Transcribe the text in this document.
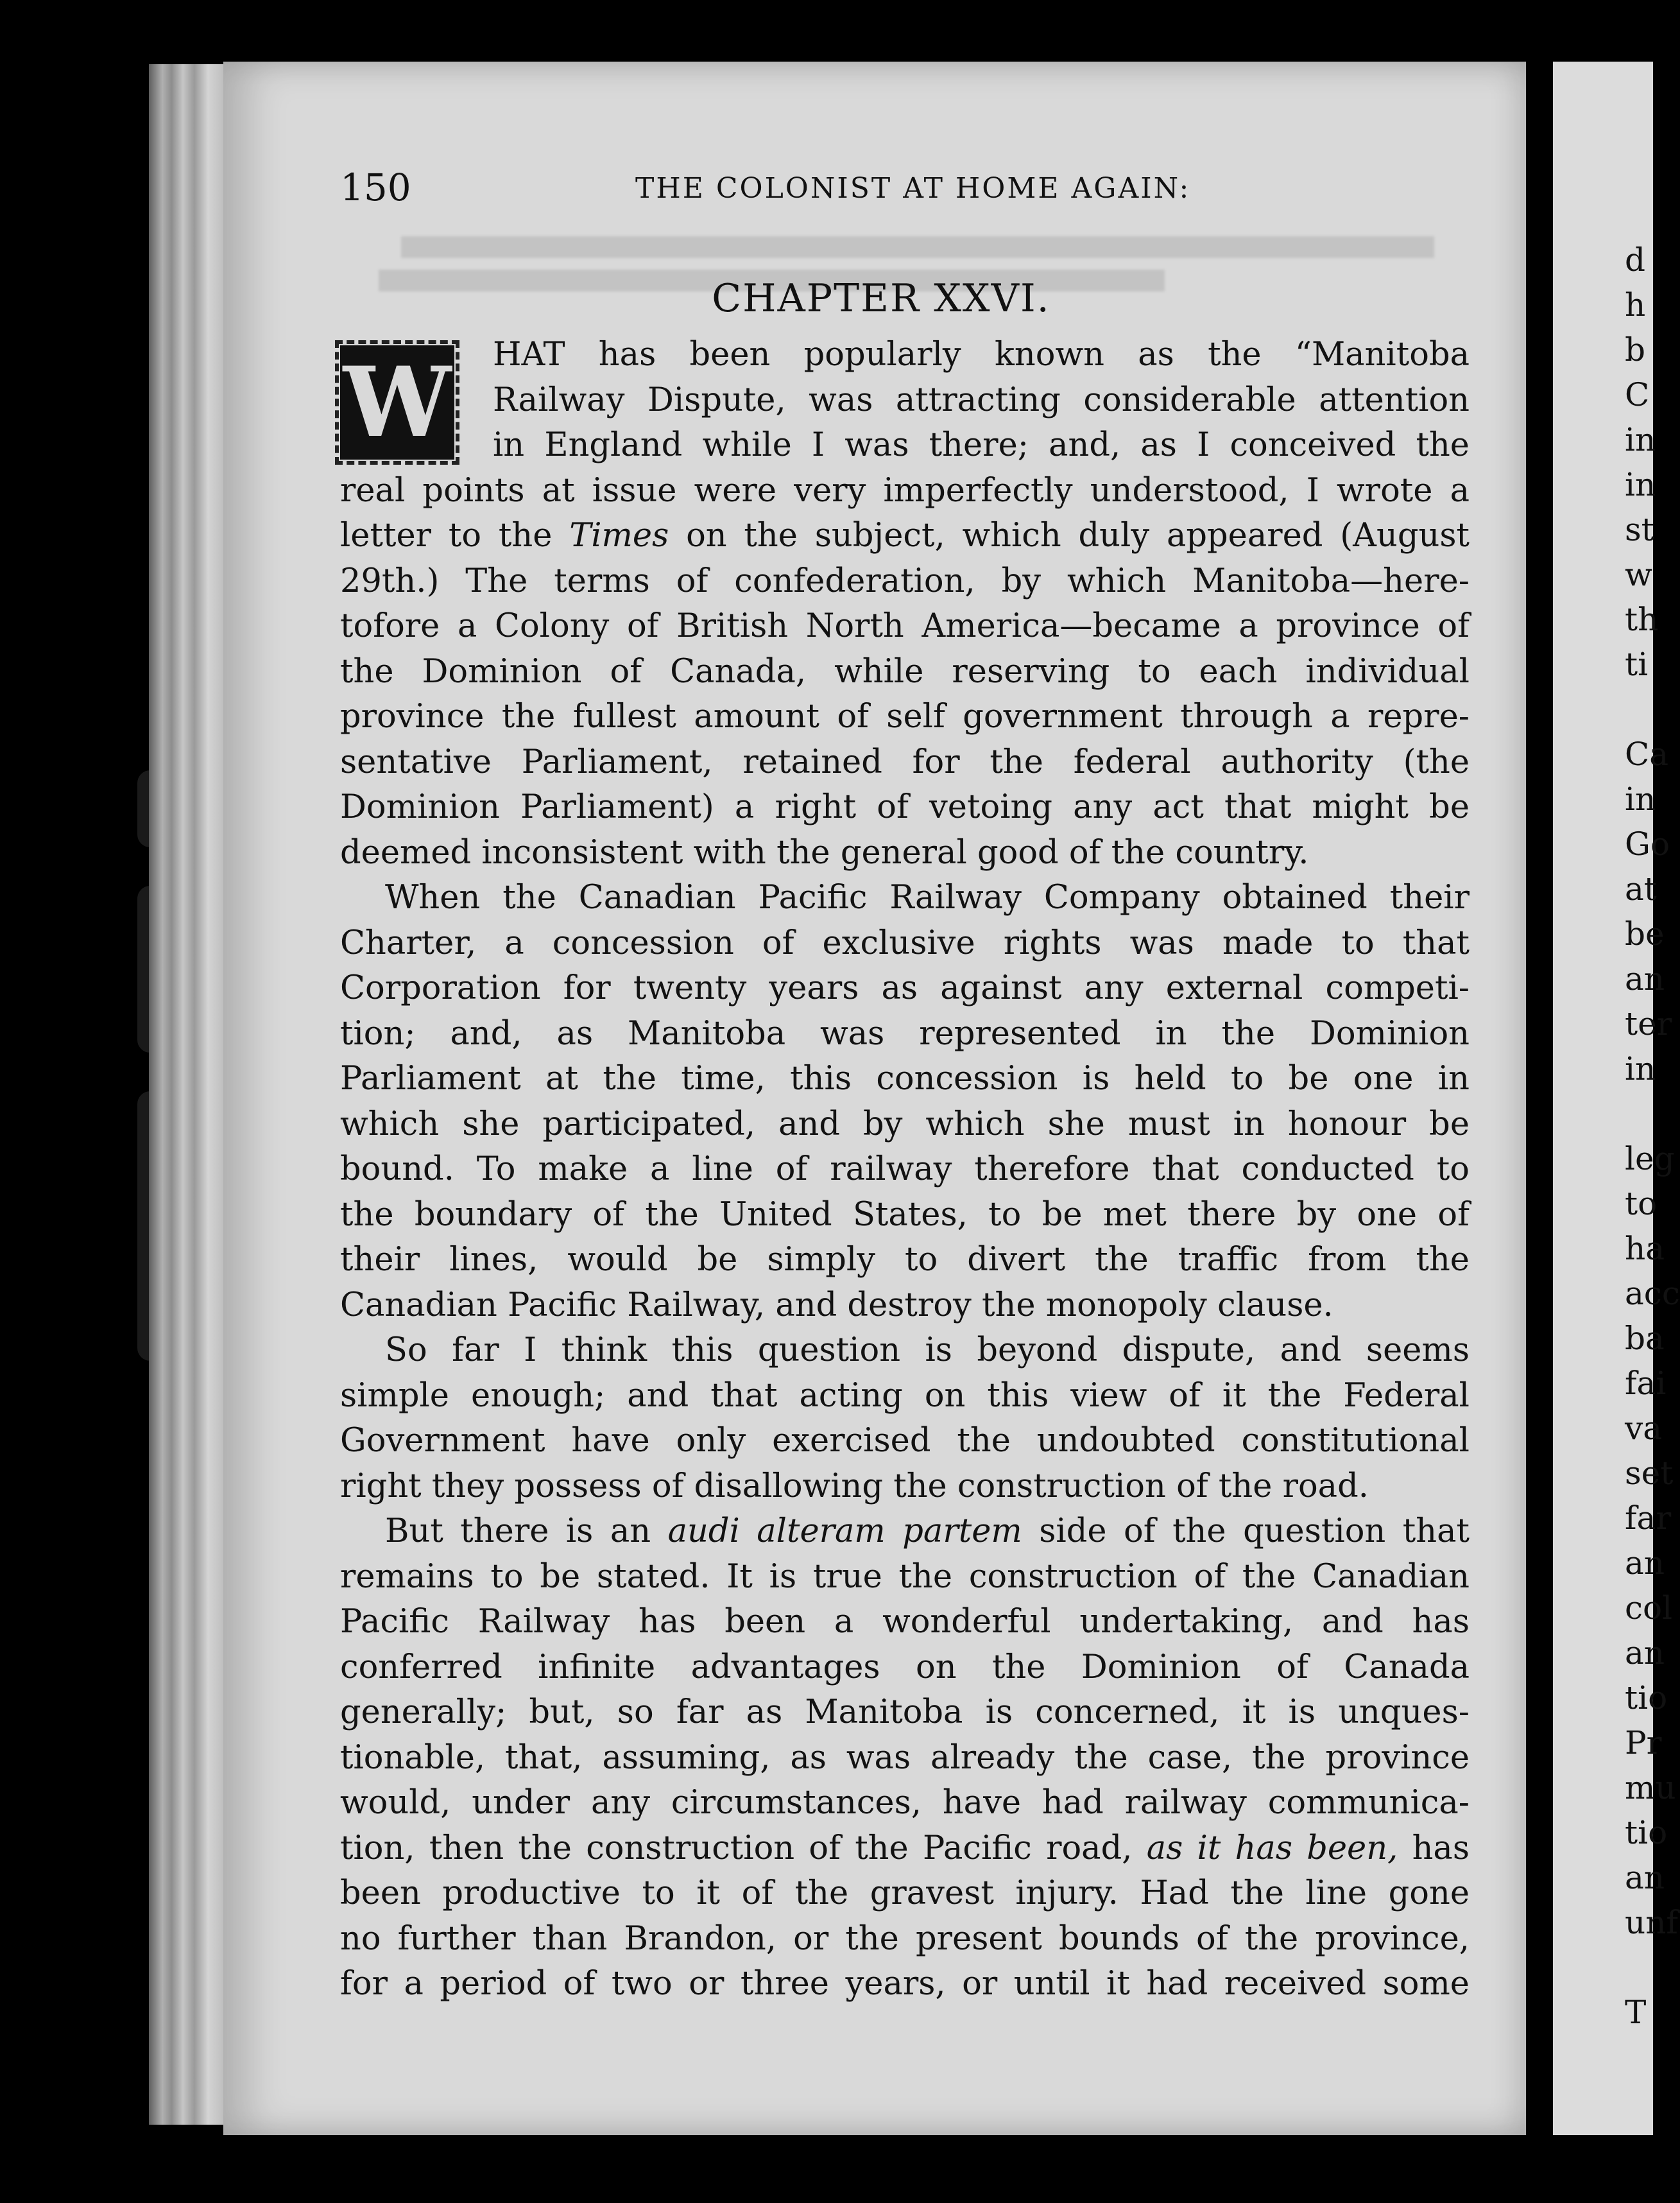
150	THE COLONIST AT HOME AGAIN:
CHAPTER XXVI.
W	HAT has been popularly known as the “Manitoba
Railway Dispute, was attracting considerable attention
in England while I was there; and, as I conceived the
real points at issue were very imperfectly understood, I wrote a
letter to the Times on the subject, which duly appeared (August
29th.) The terms of confederation, by which Manitoba—here-
tofore a Colony of British North America—became a province of
the Dominion of Canada, while reserving to each individual
province the fullest amount of self government through a repre-
sentative Parliament, retained for the federal authority (the
Dominion Parliament) a right of vetoing any act that might be
deemed inconsistent with the general good of the country.
When the Canadian Pacific Railway Company obtained their
Charter, a concession of exclusive rights was made to that
Corporation for twenty years as against any external competi-
tion; and, as Manitoba was represented in the Dominion
Parliament at the time, this concession is held to be one in
which she participated, and by which she must in honour be
bound. To make a line of railway therefore that conducted to
the boundary of the United States, to be met there by one of
their lines, would be simply to divert the traffic from the
Canadian Pacific Railway, and destroy the monopoly clause.
So far I think this question is beyond dispute, and seems
simple enough; and that acting on this view of it the Federal
Government have only exercised the undoubted constitutional
right they possess of disallowing the construction of the road.
But there is an audi alteram partem side of the question that
remains to be stated. It is true the construction of the Canadian
Pacific Railway has been a wonderful undertaking, and has
conferred infinite advantages on the Dominion of Canada
generally; but, so far as Manitoba is concerned, it is unques-
tionable, that, assuming, as was already the case, the province
would, under any circumstances, have had railway communica-
tion, then the construction of the Pacific road, as it has been, has
been productive to it of the gravest injury. Had the line gone
no further than Brandon, or the present bounds of the province,
for a period of two or three years, or until it had received some
d
h
b
C
in
in
st
w
th
ti
Ca
in
Go
at
be
an
ter
in
leg
to
ha
acc
ba
fai
va
set
far
an
col
an
tio
Pr
mu
tio
an
unf
T
